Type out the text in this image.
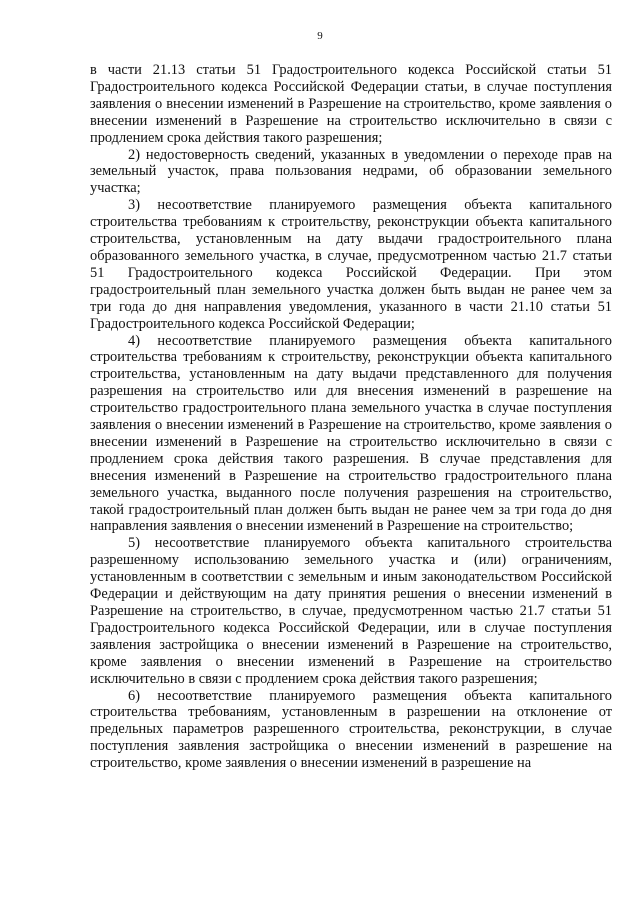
9

в части 21.13 статьи 51 Градостроительного кодекса Российской статьи 51 Градостроительного кодекса Российской Федерации статьи, в случае поступления заявления о внесении изменений в Разрешение на строительство, кроме заявления о внесении изменений в Разрешение на строительство исключительно в связи с продлением срока действия такого разрешения;

2) недостоверность сведений, указанных в уведомлении о переходе прав на земельный участок, права пользования недрами, об образовании земельного участка;

3) несоответствие планируемого размещения объекта капитального строительства требованиям к строительству, реконструкции объекта капитального строительства, установленным на дату выдачи градостроительного плана образованного земельного участка, в случае, предусмотренном частью 21.7 статьи 51 Градостроительного кодекса Российской Федерации. При этом градостроительный план земельного участка должен быть выдан не ранее чем за три года до дня направления уведомления, указанного в части 21.10 статьи 51 Градостроительного кодекса Российской Федерации;

4) несоответствие планируемого размещения объекта капитального строительства требованиям к строительству, реконструкции объекта капитального строительства, установленным на дату выдачи представленного для получения разрешения на строительство или для внесения изменений в разрешение на строительство градостроительного плана земельного участка в случае поступления заявления о внесении изменений в Разрешение на строительство, кроме заявления о внесении изменений в Разрешение на строительство исключительно в связи с продлением срока действия такого разрешения. В случае представления для внесения изменений в Разрешение на строительство градостроительного плана земельного участка, выданного после получения разрешения на строительство, такой градостроительный план должен быть выдан не ранее чем за три года до дня направления заявления о внесении изменений в Разрешение на строительство;

5) несоответствие планируемого объекта капитального строительства разрешенному использованию земельного участка и (или) ограничениям, установленным в соответствии с земельным и иным законодательством Российской Федерации и действующим на дату принятия решения о внесении изменений в Разрешение на строительство, в случае, предусмотренном частью 21.7 статьи 51 Градостроительного кодекса Российской Федерации, или в случае поступления заявления застройщика о внесении изменений в Разрешение на строительство, кроме заявления о внесении изменений в Разрешение на строительство исключительно в связи с продлением срока действия такого разрешения;

6) несоответствие планируемого размещения объекта капитального строительства требованиям, установленным в разрешении на отклонение от предельных параметров разрешенного строительства, реконструкции, в случае поступления заявления застройщика о внесении изменений в разрешение на строительство, кроме заявления о внесении изменений в разрешение на
